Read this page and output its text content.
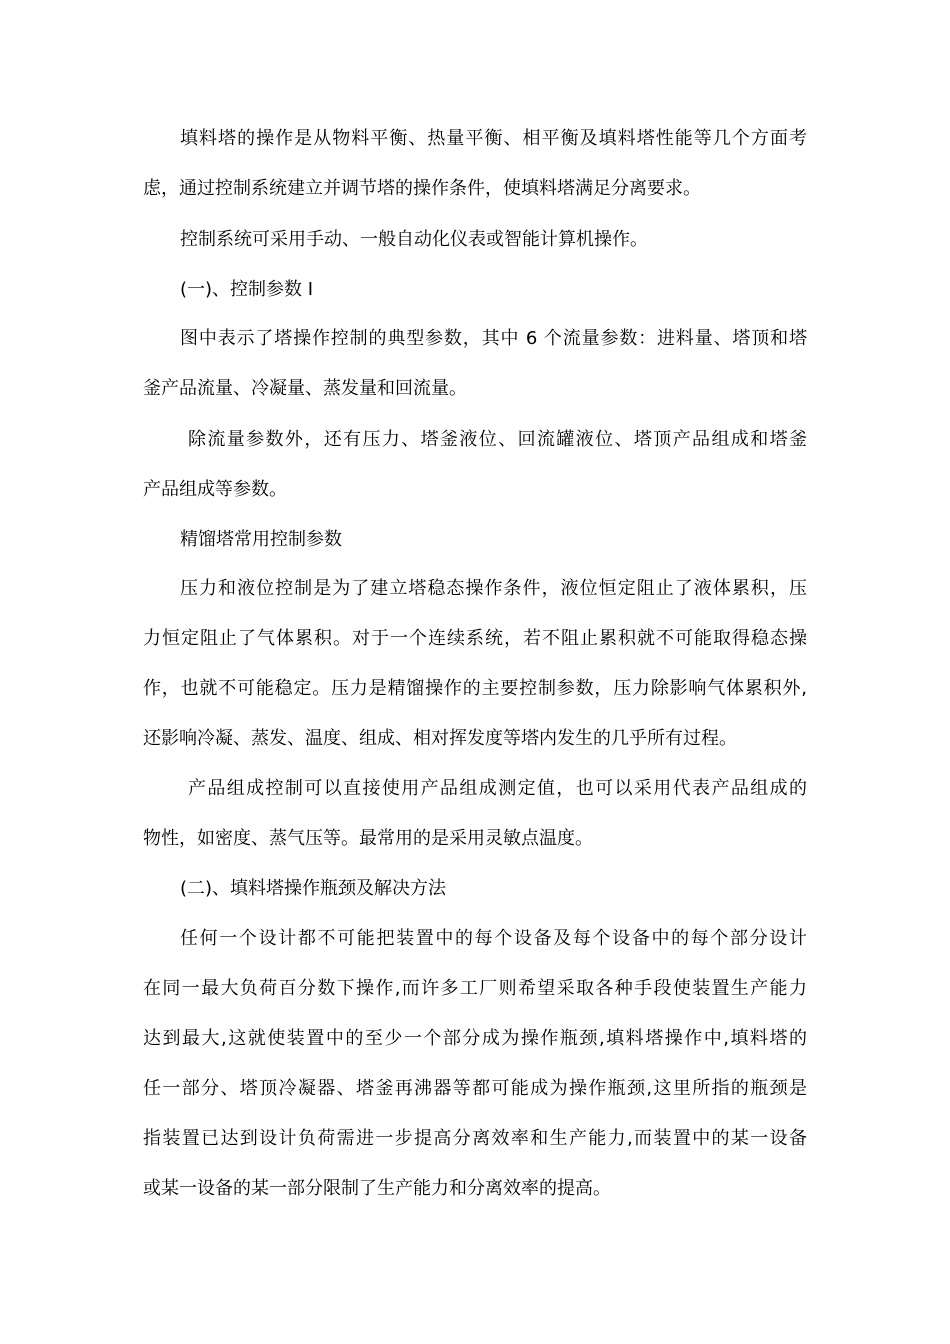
填料塔的操作是从物料平衡、热量平衡、相平衡及填料塔性能等几个方面考
虑，通过控制系统建立并调节塔的操作条件，使填料塔满足分离要求。
控制系统可采用手动、一般自动化仪表或智能计算机操作。
(一)、控制参数 I
图中表示了塔操作控制的典型参数，其中 6 个流量参数：进料量、塔顶和塔
釜产品流量、冷凝量、蒸发量和回流量。
除流量参数外，还有压力、塔釜液位、回流罐液位、塔顶产品组成和塔釜
产品组成等参数。
精馏塔常用控制参数
压力和液位控制是为了建立塔稳态操作条件，液位恒定阻止了液体累积，压
力恒定阻止了气体累积。对于一个连续系统，若不阻止累积就不可能取得稳态操
作，也就不可能稳定。压力是精馏操作的主要控制参数，压力除影响气体累积外,
还影响冷凝、蒸发、温度、组成、相对挥发度等塔内发生的几乎所有过程。
产品组成控制可以直接使用产品组成测定值，也可以采用代表产品组成的
物性，如密度、蒸气压等。最常用的是采用灵敏点温度。
(二)、填料塔操作瓶颈及解决方法
任何一个设计都不可能把装置中的每个设备及每个设备中的每个部分设计
在同一最大负荷百分数下操作,而许多工厂则希望采取各种手段使装置生产能力
达到最大,这就使装置中的至少一个部分成为操作瓶颈,填料塔操作中,填料塔的
任一部分、塔顶冷凝器、塔釜再沸器等都可能成为操作瓶颈,这里所指的瓶颈是
指装置已达到设计负荷需进一步提高分离效率和生产能力,而装置中的某一设备
或某一设备的某一部分限制了生产能力和分离效率的提高。
